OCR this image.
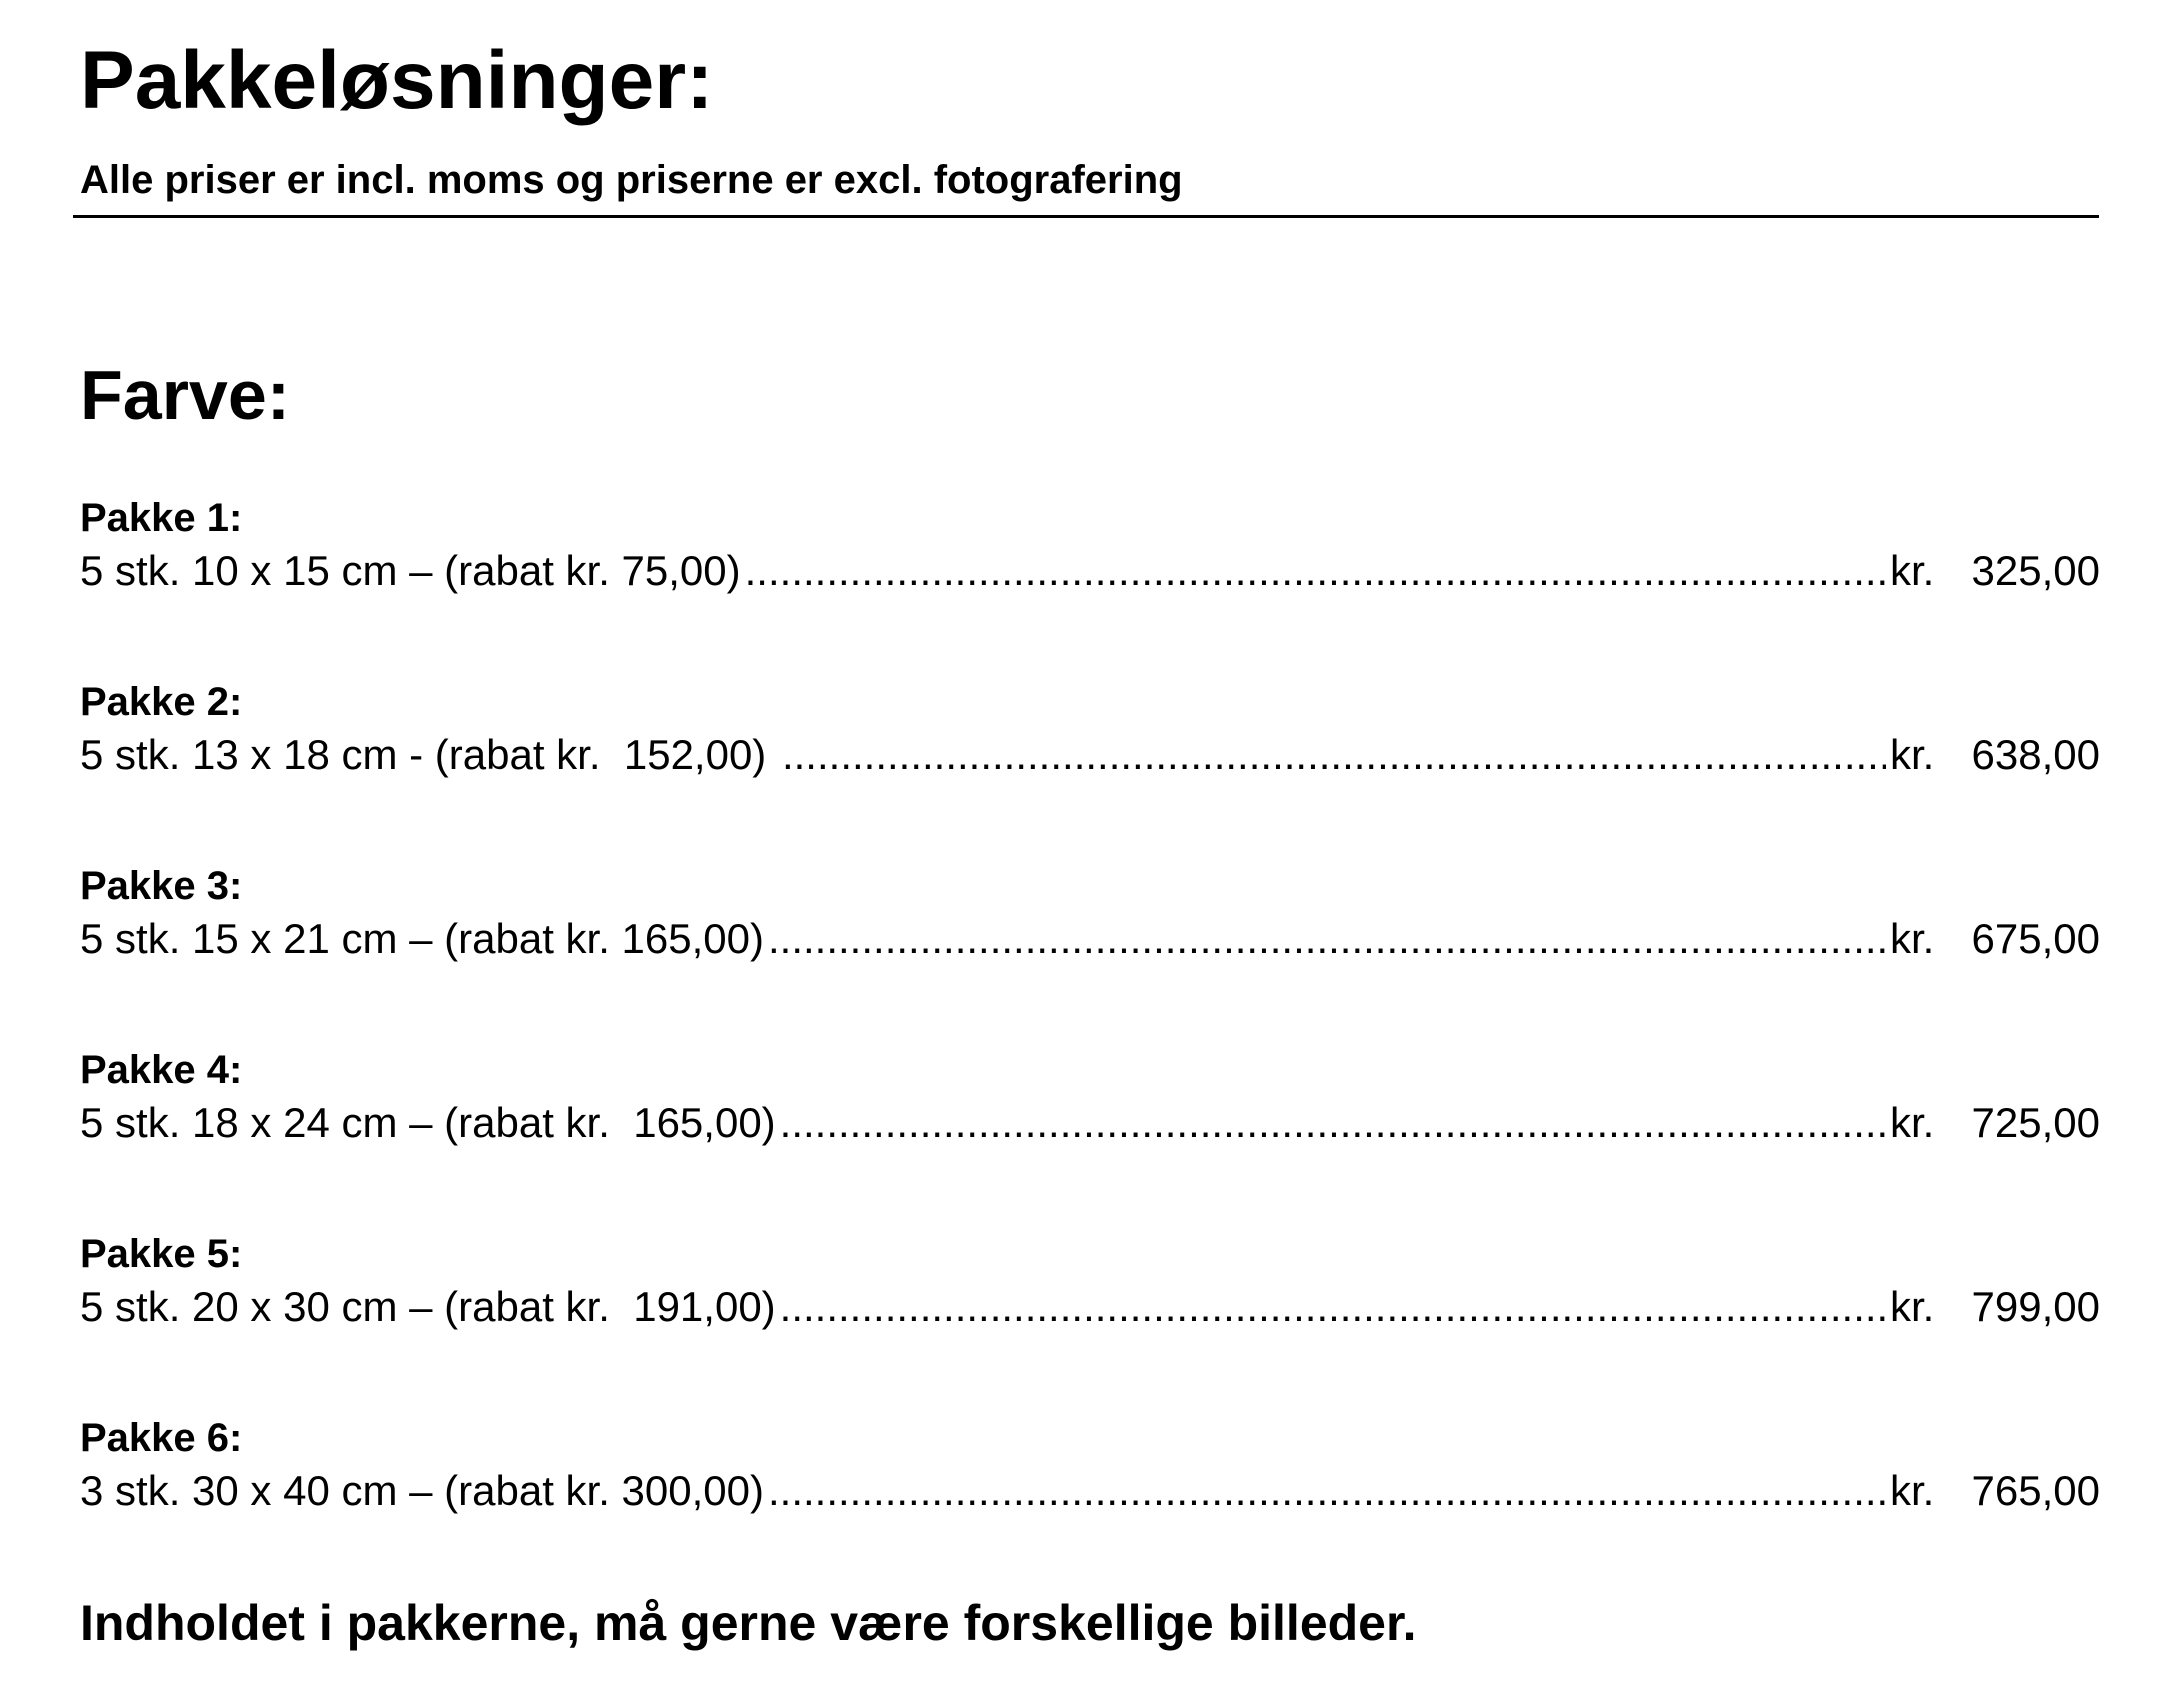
Pakkeløsninger:
Alle priser er incl. moms og priserne er excl. fotografering
Farve:
Pakke 1:
5 stk. 10 x 15 cm – (rabat kr. 75,00) .....	kr. 325,00
Pakke 2:
5 stk. 13 x 18 cm - (rabat kr.  152,00) .....	kr. 638,00
Pakke 3:
5 stk. 15 x 21 cm – (rabat kr. 165,00) .....	kr. 675,00
Pakke 4:
5 stk. 18 x 24 cm – (rabat kr.  165,00) .....	kr. 725,00
Pakke 5:
5 stk. 20 x 30 cm – (rabat kr.  191,00) .....	kr. 799,00
Pakke 6:
3 stk. 30 x 40 cm – (rabat kr. 300,00) .....	kr. 765,00
Indholdet i pakkerne, må gerne være forskellige billeder.
